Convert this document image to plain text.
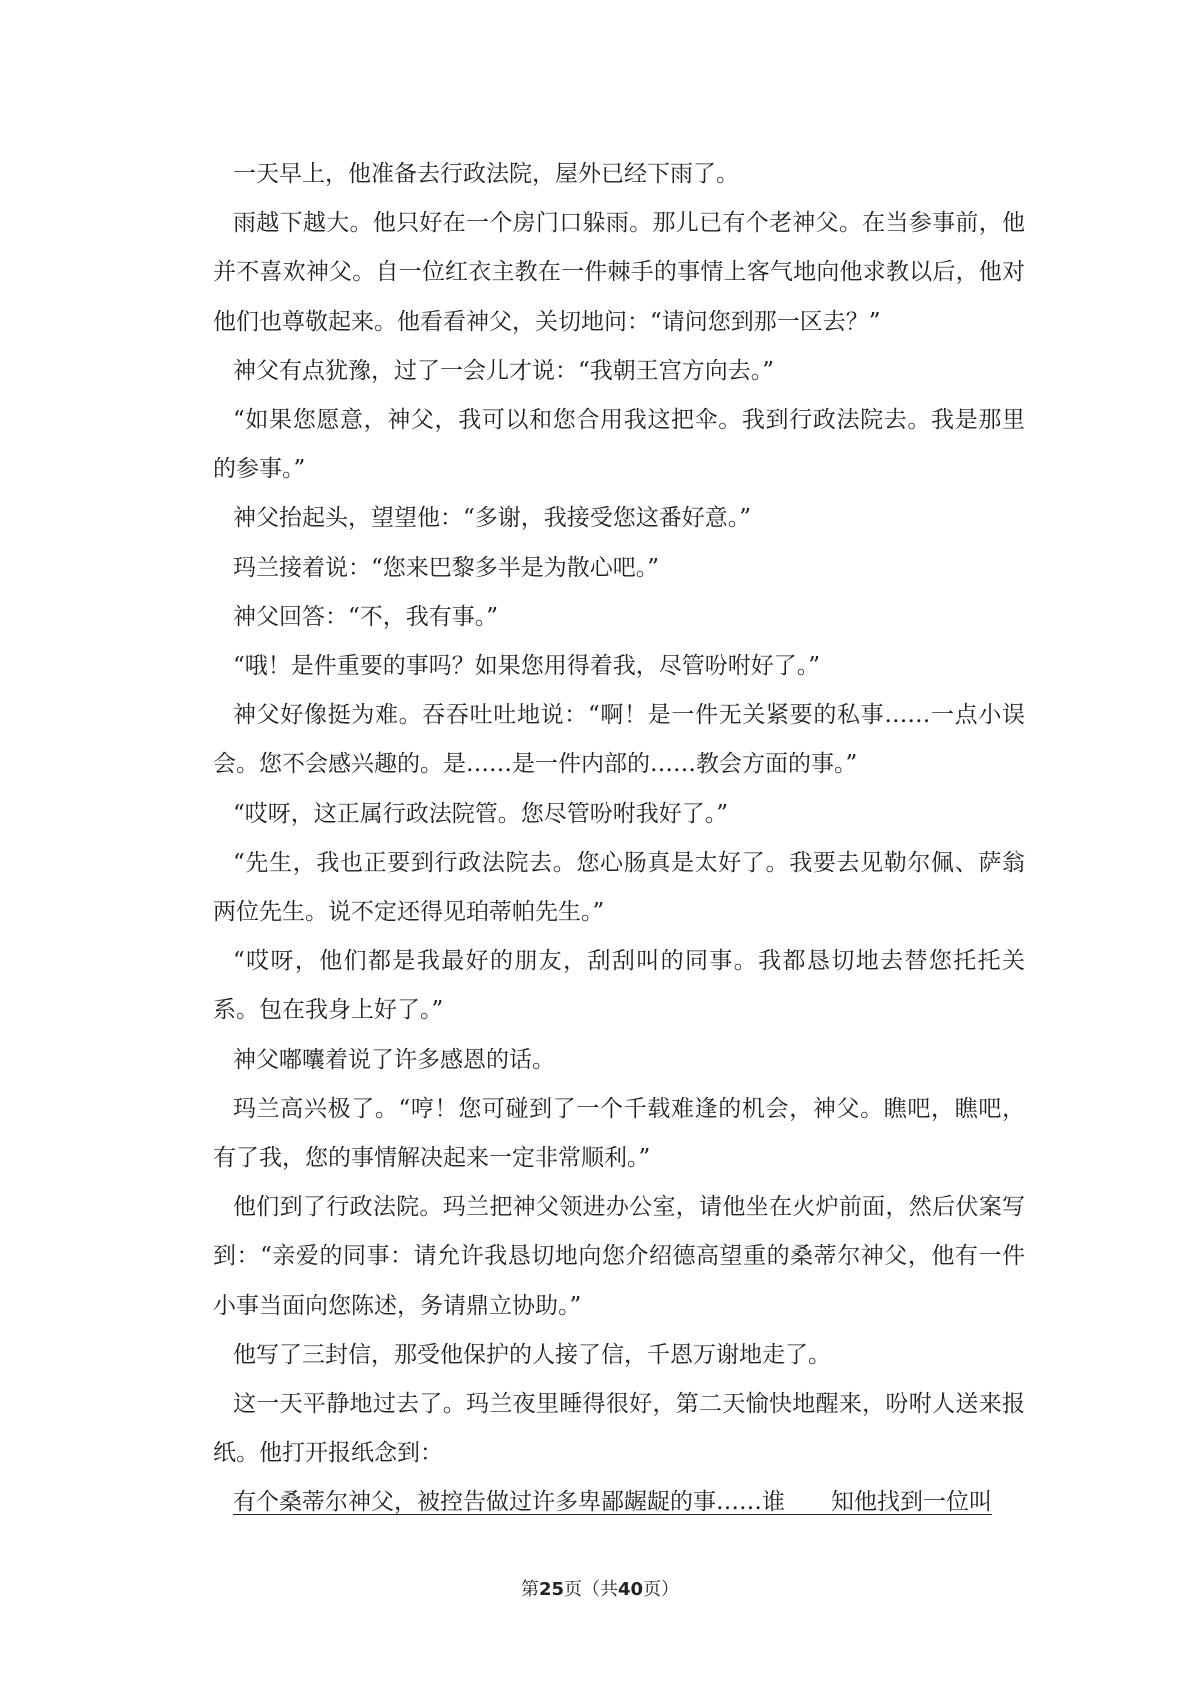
一天早上，他准备去行政法院，屋外已经下雨了。

雨越下越大。他只好在一个房门口躲雨。那儿已有个老神父。在当参事前，他并不喜欢神父。自一位红衣主教在一件棘手的事情上客气地向他求教以后，他对他们也尊敬起来。他看看神父，关切地问：“请问您到那一区去？”

神父有点犹豫，过了一会儿才说：“我朝王宫方向去。”

“如果您愿意，神父，我可以和您合用我这把伞。我到行政法院去。我是那里的参事。”

神父抬起头，望望他：“多谢，我接受您这番好意。”

玛兰接着说：“您来巴黎多半是为散心吧。”

神父回答：“不，我有事。”

“哦！是件重要的事吗？如果您用得着我，尽管吩咐好了。”

神父好像挺为难。吞吞吐吐地说：“啊！是一件无关紧要的私事……一点小误会。您不会感兴趣的。是……是一件内部的……教会方面的事。”

“哎呀，这正属行政法院管。您尽管吩咐我好了。”

“先生，我也正要到行政法院去。您心肠真是太好了。我要去见勒尔佩、萨翁两位先生。说不定还得见珀蒂帕先生。”

“哎呀，他们都是我最好的朋友，刮刮叫的同事。我都恳切地去替您托托关系。包在我身上好了。”

神父嘟囔着说了许多感恩的话。

玛兰高兴极了。“哼！您可碰到了一个千载难逢的机会，神父。瞧吧，瞧吧，有了我，您的事情解决起来一定非常顺利。”

他们到了行政法院。玛兰把神父领进办公室，请他坐在火炉前面，然后伏案写到：“亲爱的同事：请允许我恳切地向您介绍德高望重的桑蒂尔神父，他有一件小事当面向您陈述，务请鼎立协助。”

他写了三封信，那受他保护的人接了信，千恩万谢地走了。

这一天平静地过去了。玛兰夜里睡得很好，第二天愉快地醒来，吩咐人送来报纸。他打开报纸念到：

有个桑蒂尔神父，被控告做过许多卑鄙龌龊的事……谁　　知他找到一位叫

第25页（共40页）
